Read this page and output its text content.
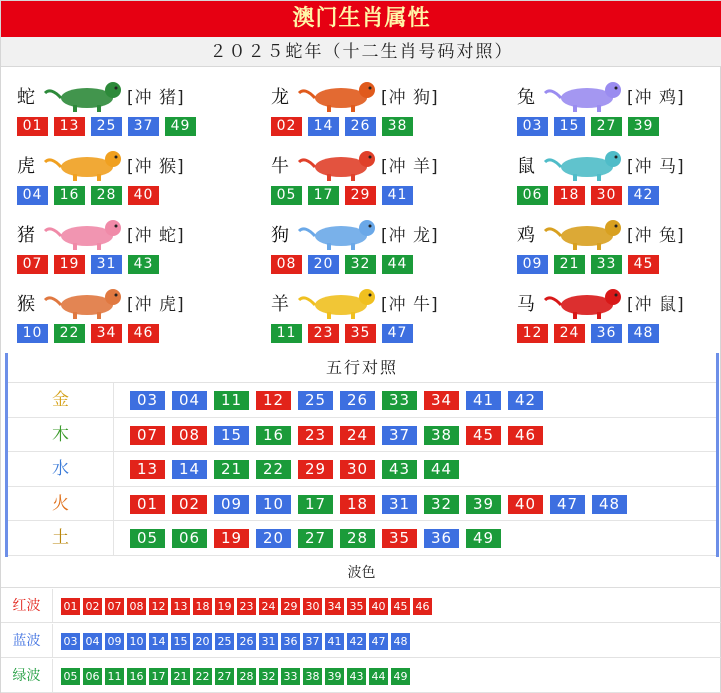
澳门生肖属性
２０２５蛇年（十二生肖号码对照）
蛇	[冲 猪]
01	13	25	37	49
龙	[冲 狗]
02	14	26	38
兔	[冲 鸡]
03	15	27	39
虎	[冲 猴]
04	16	28	40
牛	[冲 羊]
05	17	29	41
鼠	[冲 马]
06	18	30	42
猪	[冲 蛇]
07	19	31	43
狗	[冲 龙]
08	20	32	44
鸡	[冲 兔]
09	21	33	45
猴	[冲 虎]
10	22	34	46
羊	[冲 牛]
11	23	35	47
马	[冲 鼠]
12	24	36	48
五行对照
金	03	04	11	12	25	26	33	34	41	42
木	07	08	15	16	23	24	37	38	45	46
水	13	14	21	22	29	30	43	44
火	01	02	09	10	17	18	31	32	39	40	47	48
土	05	06	19	20	27	28	35	36	49
波色
红波	01 02 07 08 12 13 18 19 23 24 29 30 34 35 40 45 46
蓝波	03 04 09 10 14 15 20 25 26 31 36 37 41 42 47 48
绿波	05 06 11 16 17 21 22 27 28 32 33 38 39 43 44 49
